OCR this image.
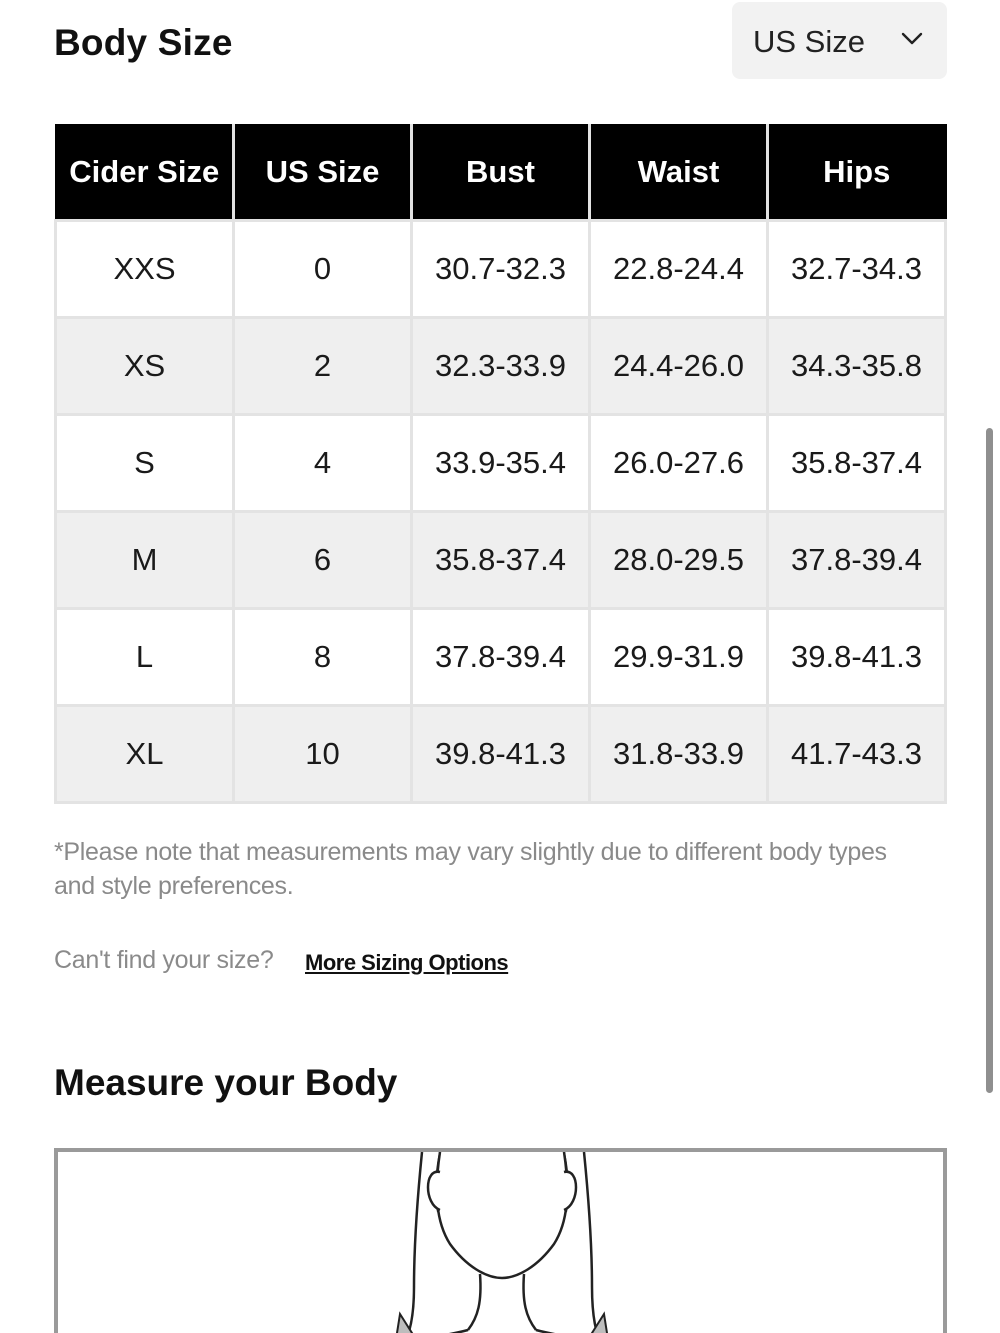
Body Size	US Size
Cider Size	US Size	Bust	Waist	Hips
XXS	0	30.7-32.3	22.8-24.4	32.7-34.3
XS	2	32.3-33.9	24.4-26.0	34.3-35.8
S	4	33.9-35.4	26.0-27.6	35.8-37.4
M	6	35.8-37.4	28.0-29.5	37.8-39.4
L	8	37.8-39.4	29.9-31.9	39.8-41.3
XL	10	39.8-41.3	31.8-33.9	41.7-43.3
*Please note that measurements may vary slightly due to different body types and style preferences.
Can't find your size? More Sizing Options
Measure your Body
